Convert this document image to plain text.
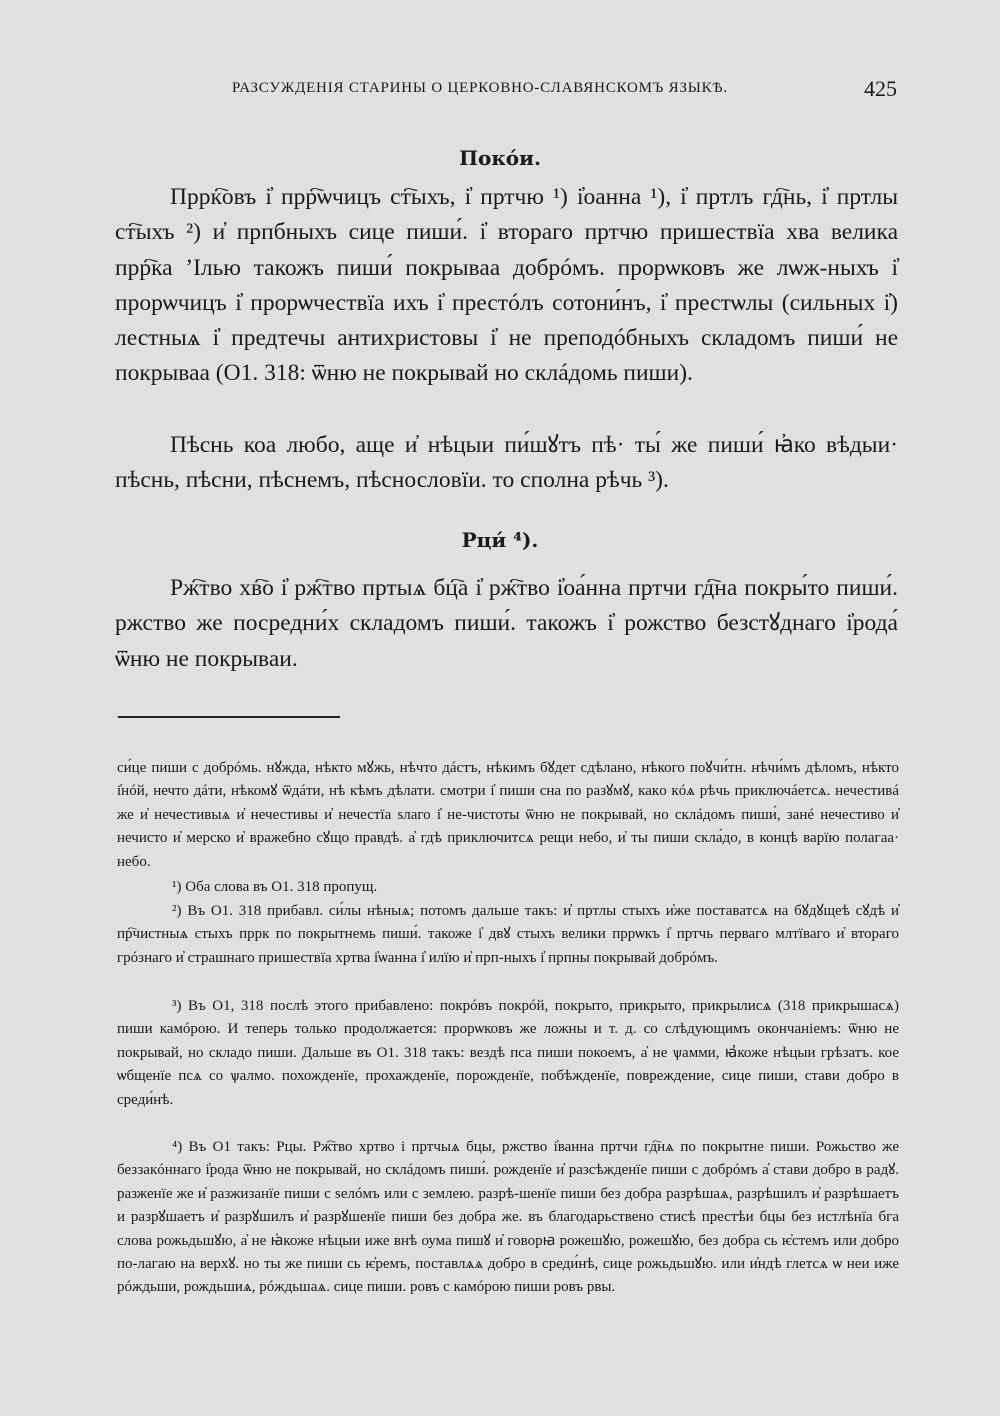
РАЗСУЖДЕНІЯ СТАРИНЫ О ЦЕРКОВНО-СЛАВЯНСКОМЪ ЯЗЫКѢ.	425
Покóи.

Пррк҇овъ і҆ прр҇ѡчицъ ст҇ыхъ, і҆ пртчю ¹) і҆оанна ¹), і҆ пртлъ гд҇нь, і҆ пртлы ст҇ыхъ ²) и҆ прпбныхъ сице пиши́. і҆ втораго пртчю пришествїа хва велика прр҇ка ’Ілью такожъ пиши́ покрываа добрóмъ. прорѡковъ же лѡж-ныхъ і҆ прорѡчицъ і҆ прорѡчествїа ихъ і҆ престóлъ сотони́нъ, і҆ престѡлы (сильных і҆) лестныѧ і҆ предтечы антихристовы і҆ не преподóбныхъ складомъ пиши́ не покрываа (О1. 318: ѿню не покрывай но склáдомь пиши).

Пѣснь коа любо, аще и҆ нѣцыи пи́шꙋтъ пѣ· ты́ же пиши́ ꙗ҆ко вѣдыи· пѣснь, пѣсни, пѣснемъ, пѣснословїи. то сполна рѣчь ³).

Рци́ ⁴).

Рж҇тво хв҇о і҆ рж҇тво пртыѧ бц҇а і҆ рж҇тво і҆оа́нна пртчи гд҇на покры́то пиши́. ржство же посредни́х складомъ пиши́. такожъ і҆ рожство безстꙋднаго і҆рода́ ѿню не покрываи.

си́це пиши с добрóмь. нꙋжда, нѣкто мꙋжь, нѣчто дáстъ, нѣкимъ бꙋдет сдѣлано, нѣкого поꙋчи́тн. нѣчи́мъ дѣломъ, нѣкто і҆нóй, нечто дáти, нѣкомꙋ ѿдáти, нѣ кѣмъ дѣлати. смотри і҆ пиши сна по разꙋмꙋ, какo кóѧ рѣчь приключáетсѧ. нечестивá же и҆ нечестивыѧ и҆ нечестивы и҆ нечестїа ѕлаго і҆ не-чистоты ѿню не покрывай, но склáдомъ пиши́, занé нечестиво и҆ нечисто и҆ мерско и҆ вражебно сꙋщо правдѣ. а҆ гдѣ приключитсѧ рещи небо, и҆ ты пиши скла́до, в концѣ варїю полагаа· небо.

¹) Оба слова въ О1. 318 пропущ.

²) Въ О1. 318 прибавл. си́лы нѣныѧ; потомъ дальше такъ: и҆ пртлы стыхъ и҆же поставатсѧ на бꙋдꙋщеѣ сꙋдѣ и҆ пр҇чистныѧ стыхъ пррк по покрытнемь пиши́. такоже і҆ двꙋ стыхъ велики пррѡкъ і҆ пртчь первагo млтївагo и҆ втораго грóзнаго и҆ страшнаго пришествїа хртва і҆ѡанна і҆ илїю и҆ прп-ныхъ і҆ прпны покрывай добрóмъ.

³) Въ О1, 318 послѣ этого прибавлено: покрóвъ покрóй, покрыто, прикрыто, прикрылисѧ (318 прикрышасѧ) пиши камóрою. И теперь только продолжается: прорѡковъ же ложны и т. д. со слѣдующимъ окончаніемъ: ѿню не покрывай, но складо пиши. Дальше въ О1. 318 такъ: вездѣ пса пиши покоемъ, а҆ не ѱамми, ꙗ҆коже нѣцыи грѣзатъ. кое ѡбщенїе псѧ со ѱалмо. похожденїе, прохажденїе, порожденїе, побѣжденїе, повреждение, сице пиши, стави добро в среди́нѣ.

⁴) Въ О1 такъ: Рцы. Рж҇тво хртво і пртчыѧ бцы, ржство і҆ванна пртчи гд҇нѧ по покрытне пиши. Рожьство же беззакóннагo і҆рода ѿню не покрывай, но склáдомъ пиши́. рожденїе и҆ разсѣжденїе пиши с добрóмъ а҆ стави добро в радꙋ. разженїе же и҆ разжизанїе пиши с ѕелóмъ или с землею. разрѣ-шенїе пиши без добра разрѣшаѧ, разрѣшилъ и҆ разрѣшаетъ и разрꙋшаетъ и҆ разрꙋшилъ и҆ разрꙋшенїе пиши без добра же. въ благодарьствено стисѣ престѣи бцы без истлѣнїа бга слова рожьдьшꙋю, а҆ не ꙗ҆коже нѣцыи иже внѣ оума пишꙋ и҆ говорꙗ рожешꙋю, рожешꙋю, без добра сь ѥ҆стемъ или добро по-лагаю на верхꙋ. но ты же пиши сь ѥ҆ремъ, поставлѧѧ добро в среди́нѣ, сице рожьдьшꙋю. или и҆ндѣ глетсѧ ѡ неи иже рóждьши, рождьшиѧ, рóждьшаѧ. сице пиши. ровъ с камóрою пиши ровъ рвы.
